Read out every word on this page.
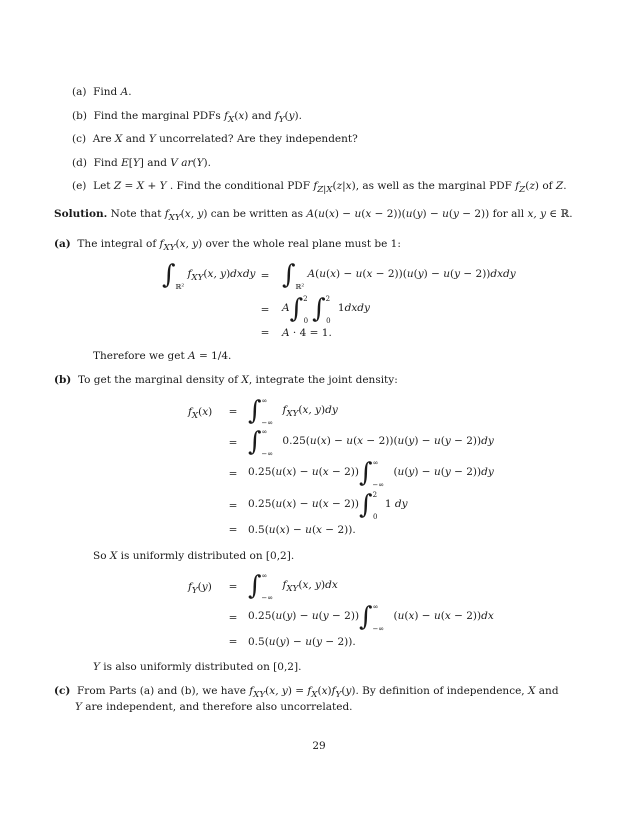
(a)  Find A.
(b)  Find the marginal PDFs $f_X(x)$ and $f_Y(y)$.
(c)  Are X and Y uncorrelated? Are they independent?
(d)  Find E[Y] and V ar(Y).
(e)  Let Z = X + Y . Find the conditional PDF $f_{Z|X}(z|x)$, as well as the marginal PDF $f_Z(z)$ of Z.
Solution. Note that $f_{XY}(x$, y) can be written as A(u(x) − u(x − 2))(u(y) − u(y − 2)) for all x, y ∈ ℝ.
(a)  The integral of $f_{XY}(x$, y) over the whole real plane must be 1:
$\int_{ℝ^2}$ $f_{XY}(x$, y)dxdy = $\int_{ℝ^2}$ A(u(x) − u(x − 2))(u(y) − u(y − 2))dxdy
= A∫$^2_0$ ∫$^2_0$ 1dxdy
= A · 4 = 1.
Therefore we get A = 1/4.
(b)  To get the marginal density of X, integrate the joint density:
$f_X(x) = \int^\infty_{-\infty}$ $f_{XY}(x$, y)dy
= $\int^\infty_{-\infty}$ 0.25(u(x) − u(x − 2))(u(y) − u(y − 2))dy
= $0.25(u(x) - u(x - 2))\int^\infty_{-\infty}$ (u(y) − u(y − 2))dy
= 0.25(u(x) − u(x − 2))∫$^2_0$ 1 dy
= 0.5(u(x) − u(x − 2)).
So X is uniformly distributed on [0,2].
$f_Y(y) = \int^\infty_{-\infty}$ $f_{XY}(x$, y)dx
= $0.25(u(y) - u(y - 2))\int^\infty_{-\infty}$ (u(x) − u(x − 2))dx
= 0.5(u(y) − u(y − 2)).
Y is also uniformly distributed on [0,2].
(c)  From Parts (a) and (b), we have $f_{XY}(x$, $y) = f_X(x)f_Y(y)$. By definition of independence, X and
Y are independent, and therefore also uncorrelated.
29
